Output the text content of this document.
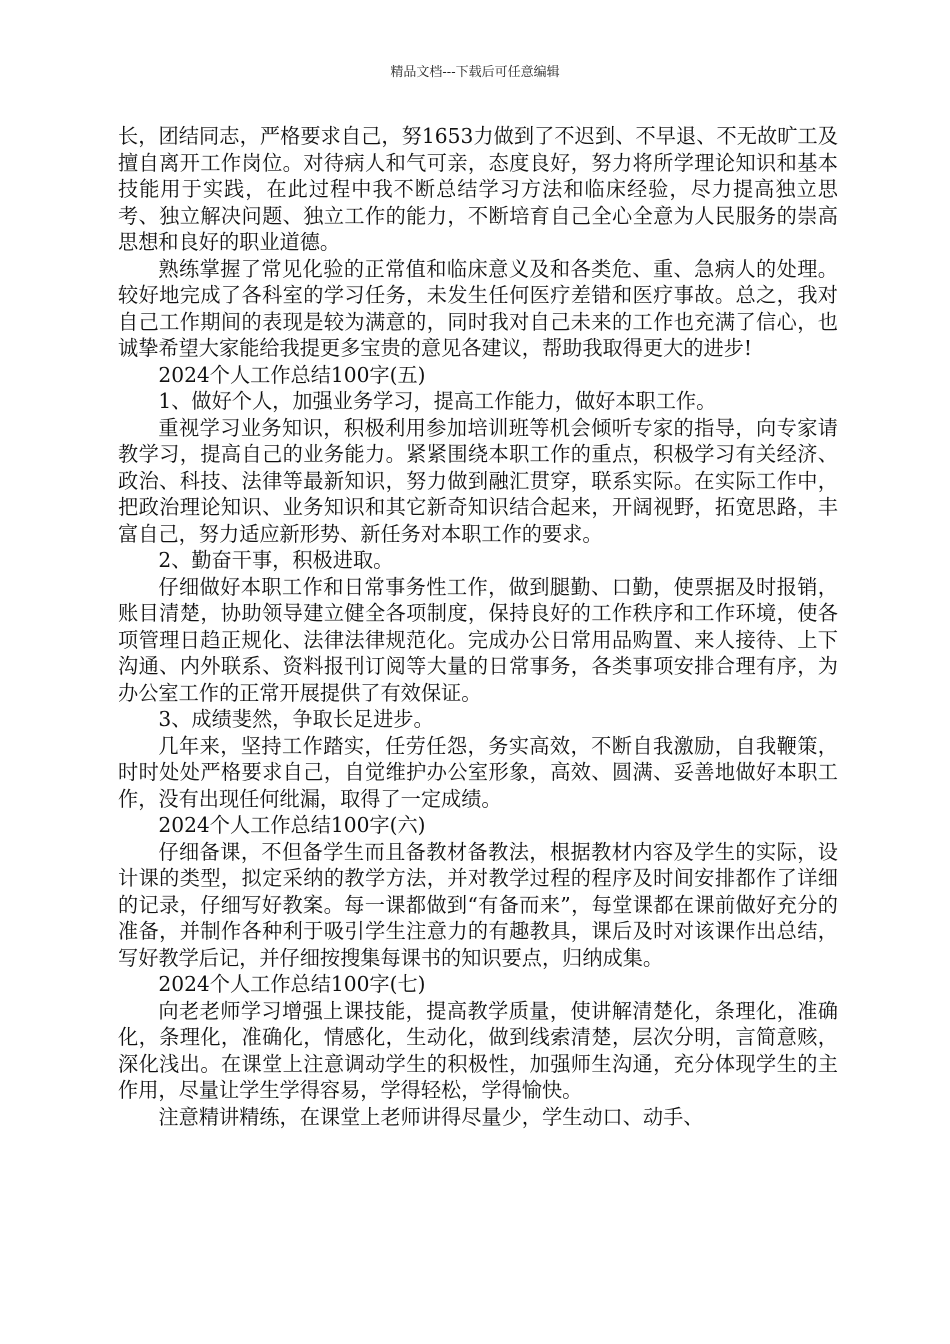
精品文档---下载后可任意编辑

长，团结同志，严格要求自己，努1653力做到了不迟到、不早退、不无故旷工及擅自离开工作岗位。对待病人和气可亲，态度良好，努力将所学理论知识和基本技能用于实践，在此过程中我不断总结学习方法和临床经验，尽力提高独立思考、独立解决问题、独立工作的能力，不断培育自己全心全意为人民服务的崇高思想和良好的职业道德。

熟练掌握了常见化验的正常值和临床意义及和各类危、重、急病人的处理。较好地完成了各科室的学习任务，未发生任何医疗差错和医疗事故。总之，我对自己工作期间的表现是较为满意的，同时我对自己未来的工作也充满了信心，也诚挚希望大家能给我提更多宝贵的意见各建议，帮助我取得更大的进步!

2024个人工作总结100字(五)

1、做好个人，加强业务学习，提高工作能力，做好本职工作。

重视学习业务知识，积极利用参加培训班等机会倾听专家的指导，向专家请教学习，提高自己的业务能力。紧紧围绕本职工作的重点，积极学习有关经济、政治、科技、法律等最新知识，努力做到融汇贯穿，联系实际。在实际工作中，把政治理论知识、业务知识和其它新奇知识结合起来，开阔视野，拓宽思路，丰富自己，努力适应新形势、新任务对本职工作的要求。

2、勤奋干事，积极进取。

仔细做好本职工作和日常事务性工作，做到腿勤、口勤，使票据及时报销，账目清楚，协助领导建立健全各项制度，保持良好的工作秩序和工作环境，使各项管理日趋正规化、法律法律规范化。完成办公日常用品购置、来人接待、上下沟通、内外联系、资料报刊订阅等大量的日常事务，各类事项安排合理有序，为办公室工作的正常开展提供了有效保证。

3、成绩斐然，争取长足进步。

几年来，坚持工作踏实，任劳任怨，务实高效，不断自我激励，自我鞭策，时时处处严格要求自己，自觉维护办公室形象，高效、圆满、妥善地做好本职工作，没有出现任何纰漏，取得了一定成绩。

2024个人工作总结100字(六)

仔细备课，不但备学生而且备教材备教法，根据教材内容及学生的实际，设计课的类型，拟定采纳的教学方法，并对教学过程的程序及时间安排都作了详细的记录，仔细写好教案。每一课都做到“有备而来”，每堂课都在课前做好充分的准备，并制作各种利于吸引学生注意力的有趣教具，课后及时对该课作出总结，写好教学后记，并仔细按搜集每课书的知识要点，归纳成集。

2024个人工作总结100字(七)

向老老师学习增强上课技能，提高教学质量，使讲解清楚化，条理化，准确化，条理化，准确化，情感化，生动化，做到线索清楚，层次分明，言简意赅，深化浅出。在课堂上注意调动学生的积极性，加强师生沟通，充分体现学生的主作用，尽量让学生学得容易，学得轻松，学得愉快。

注意精讲精练，在课堂上老师讲得尽量少，学生动口、动手、
